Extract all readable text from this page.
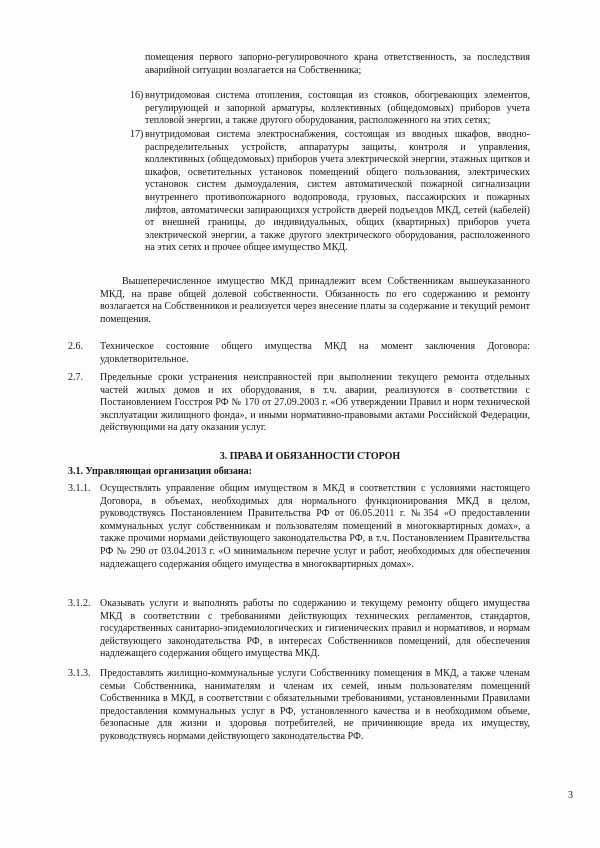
помещения первого запорно-регулировочного крана ответственность, за последствия аварийной ситуации возлагается на Собственника;

16) внутридомовая система отопления, состоящая из стояков, обогревающих элементов, регулирующей и запорной арматуры, коллективных (общедомовых) приборов учета тепловой энергии, а также другого оборудования, расположенного на этих сетях;

17) внутридомовая система электроснабжения, состоящая из вводных шкафов, вводно-распределительных устройств, аппаратуры защиты, контроля и управления, коллективных (общедомовых) приборов учета электрической энергии, этажных щитков и шкафов, осветительных установок помещений общего пользования, электрических установок систем дымоудаления, систем автоматической пожарной сигнализации внутреннего противопожарного водопровода, грузовых, пассажирских и пожарных лифтов, автоматически запирающихся устройств дверей подъездов МКД, сетей (кабелей) от внешней границы, до индивидуальных, общих (квартирных) приборов учета электрической энергии, а также другого электрического оборудования, расположенного на этих сетях и прочее общее имущество МКД.

Вышеперечисленное имущество МКД принадлежит всем Собственникам вышеуказанного МКД, на праве общей долевой собственности. Обязанность по его содержанию и ремонту возлагается на Собственников и реализуется через внесение платы за содержание и текущий ремонт помещения.

2.6. Техническое состояние общего имущества МКД на момент заключения Договора: удовлетворительное.

2.7. Предельные сроки устранения неисправностей при выполнении текущего ремонта отдельных частей жилых домов и их оборудования, в т.ч. аварии, реализуются в соответствии с Постановлением Госстроя РФ № 170 от 27.09.2003 г. «Об утверждении Правил и норм технической эксплуатации жилищного фонда», и иными нормативно-правовыми актами Российской Федерации, действующими на дату оказания услуг.

3. ПРАВА И ОБЯЗАННОСТИ СТОРОН

3.1. Управляющая организация обязана:

3.1.1. Осуществлять управление общим имуществом в МКД в соответствии с условиями настоящего Договора, в объемах, необходимых для нормального функционирования МКД в целом, руководствуясь Постановлением Правительства РФ от 06.05.2011 г. №354 «О предоставлении коммунальных услуг собственникам и пользователям помещений в многоквартирных домах», а также прочими нормами действующего законодательства РФ, в т.ч. Постановлением Правительства РФ № 290 от 03.04.2013 г. «О минимальном перечне услуг и работ, необходимых для обеспечения надлежащего содержания общего имущества в многоквартирных домах».

3.1.2. Оказывать услуги и выполнять работы по содержанию и текущему ремонту общего имущества МКД в соответствии с требованиями действующих технических регламентов, стандартов, государственных санитарно-эпидемиологических и гигиенических правил и нормативов, и нормам действующего законодательства РФ, в интересах Собственников помещений, для обеспечения надлежащего содержания общего имущества МКД.

3.1.3. Предоставлять жилищно-коммунальные услуги Собственнику помещения в МКД, а также членам семьи Собственника, нанимателям и членам их семей, иным пользователям помещений Собственника в МКД, в соответствии с обязательными требованиями, установленными Правилами предоставления коммунальных услуг в РФ, установленного качества и в необходимом объеме, безопасные для жизни и здоровья потребителей, не причиняющие вреда их имуществу, руководствуясь нормами действующего законодательства РФ.

3
